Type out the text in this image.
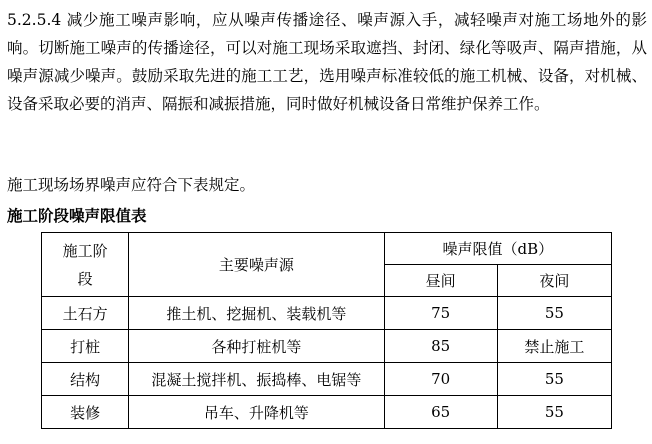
5.2.5.4 减少施工噪声影响，应从噪声传播途径、噪声源入手，减轻噪声对施工场地外的影响。切断施工噪声的传播途径，可以对施工现场采取遮挡、封闭、绿化等吸声、隔声措施，从噪声源减少噪声。鼓励采取先进的施工工艺，选用噪声标准较低的施工机械、设备，对机械、设备采取必要的消声、隔振和减振措施，同时做好机械设备日常维护保养工作。

施工现场场界噪声应符合下表规定。

施工阶段噪声限值表

施工阶
段	主要噪声源	噪声限值（dB）	
		昼间	夜间
土石方	推土机、挖掘机、装载机等	75	55
打桩	各种打桩机等	85	禁止施工
结构	混凝土搅拌机、振捣棒、电锯等	70	55
装修	吊车、升降机等	65	55
